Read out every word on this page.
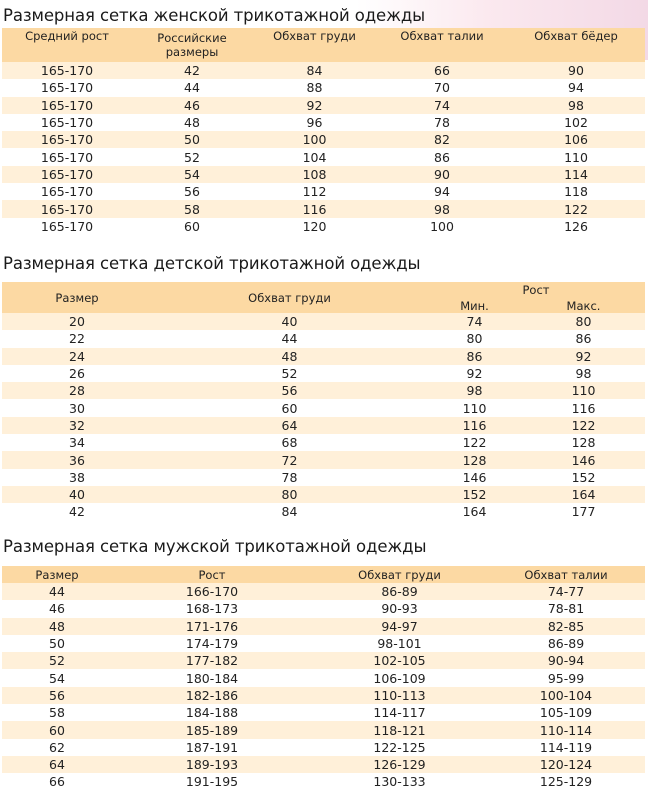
Размерная сетка женской трикотажной одежды
Средний рост	Российские размеры	Обхват груди	Обхват талии	Обхват бёдер
165-170	42	84	66	90
165-170	44	88	70	94
165-170	46	92	74	98
165-170	48	96	78	102
165-170	50	100	82	106
165-170	52	104	86	110
165-170	54	108	90	114
165-170	56	112	94	118
165-170	58	116	98	122
165-170	60	120	100	126
Размерная сетка детской трикотажной одежды
Размер	Обхват груди	Рост	
		Мин.	Макс.
20	40	74	80
22	44	80	86
24	48	86	92
26	52	92	98
28	56	98	110
30	60	110	116
32	64	116	122
34	68	122	128
36	72	128	146
38	78	146	152
40	80	152	164
42	84	164	177
Размерная сетка мужской трикотажной одежды
Размер	Рост	Обхват груди	Обхват талии
44	166-170	86-89	74-77
46	168-173	90-93	78-81
48	171-176	94-97	82-85
50	174-179	98-101	86-89
52	177-182	102-105	90-94
54	180-184	106-109	95-99
56	182-186	110-113	100-104
58	184-188	114-117	105-109
60	185-189	118-121	110-114
62	187-191	122-125	114-119
64	189-193	126-129	120-124
66	191-195	130-133	125-129
